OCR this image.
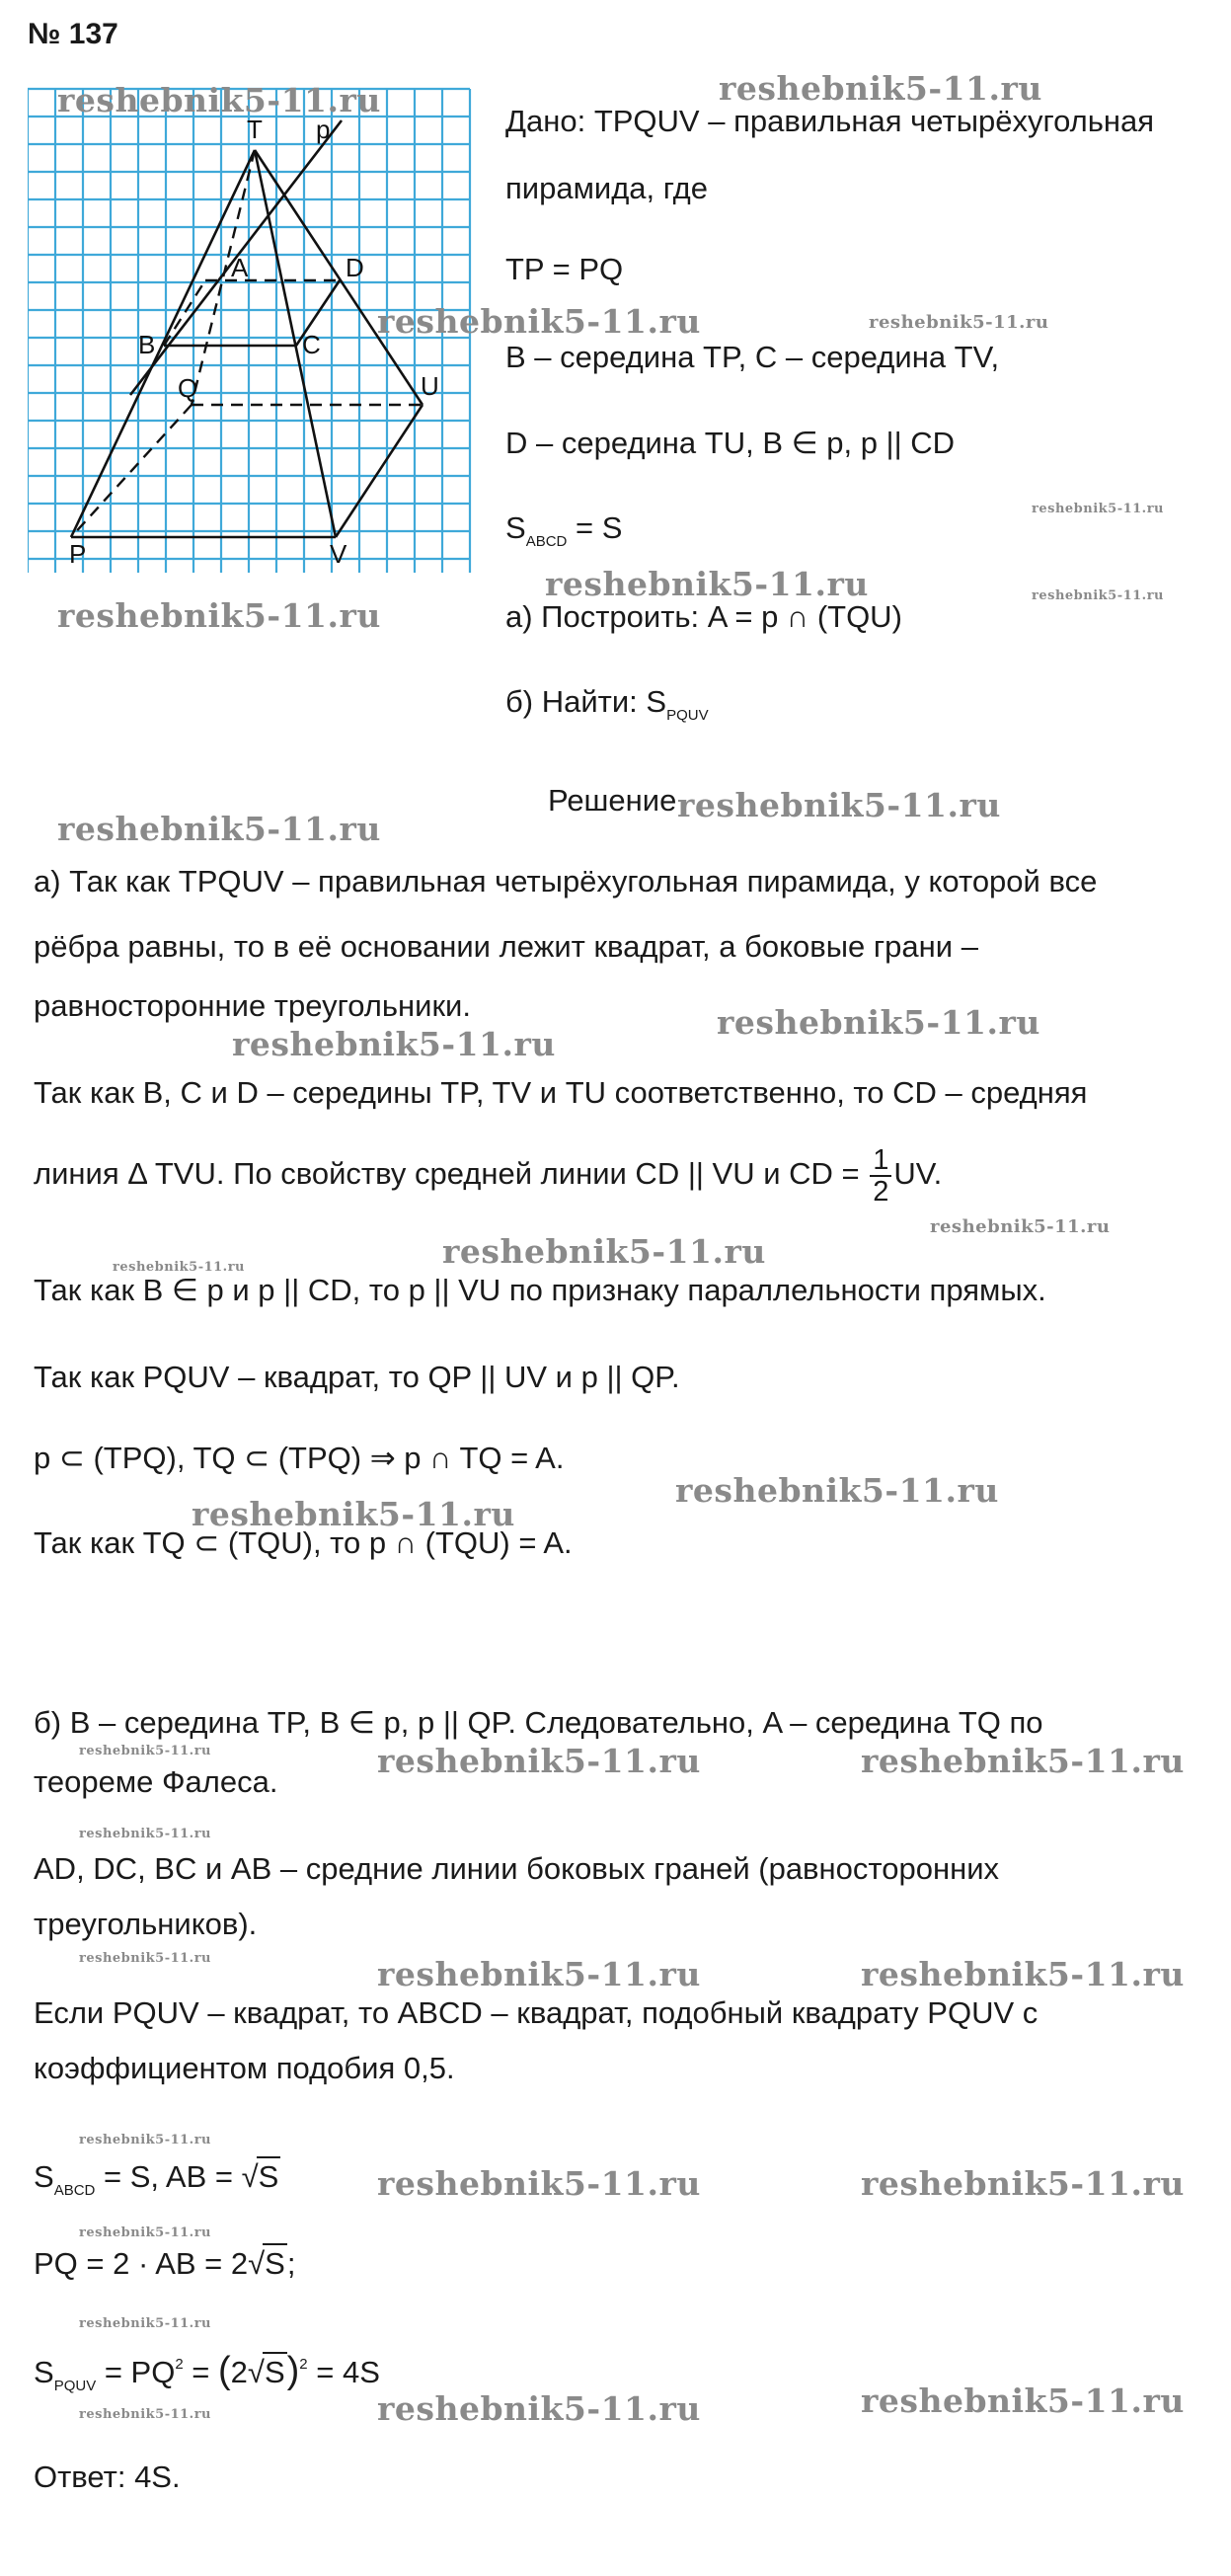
№ 137
T p
A	D
B	C
Q	U
P	V
Дано: TPQUV – правильная четырёхугольная
пирамида, где
TP = PQ
B – середина TP, C – середина TV,
D – середина TU, B ∈ p, p || CD
$S_{ABCD} = S$
а) Построить: A = p ∩ (TQU)
б) Найти: $S_{PQUV}$
Решение
а) Так как TPQUV – правильная четырёхугольная пирамида, у которой все
рёбра равны, то в её основании лежит квадрат, а боковые грани –
равносторонние треугольники.
Так как B, C и D – середины TP, TV и TU соответственно, то CD – средняя
линия Δ TVU. По свойству средней линии CD || VU и CD = $\frac{1}{2}$ UV.
Так как B ∈ p и p || CD, то p || VU по признаку параллельности прямых.
Так как PQUV – квадрат, то QP || UV и p || QP.
p ⊂ (TPQ), TQ ⊂ (TPQ) ⇒ p ∩ TQ = A.
Так как TQ ⊂ (TQU), то p ∩ (TQU) = A.
б) B – середина TP, B ∈ p, p || QP. Следовательно, A – середина TQ по
теореме Фалеса.
AD, DC, BC и AB – средние линии боковых граней (равносторонних
треугольников).
Если PQUV – квадрат, то ABCD – квадрат, подобный квадрату PQUV с
коэффициентом подобия 0,5.
$S_{ABCD} = S$, AB = √S
PQ = 2 · AB = 2√S;
$S_{PQUV} = PQ^2 = (2√S)^2 = 4S$
Ответ: 4S.
reshebnik5-11.ru	reshebnik5-11.ru
reshebnik5-11.ru	reshebnik5-11.ru
reshebnik5-11.ru
reshebnik5-11.ru	reshebnik5-11.ru
reshebnik5-11.ru
reshebnik5-11.ru
reshebnik5-11.ru
reshebnik5-11.ru
reshebnik5-11.ru
reshebnik5-11.ru
reshebnik5-11.ru
reshebnik5-11.ru
reshebnik5-11.ru
reshebnik5-11.ru
reshebnik5-11.ru	reshebnik5-11.ru	reshebnik5-11.ru
reshebnik5-11.ru
reshebnik5-11.ru	reshebnik5-11.ru	reshebnik5-11.ru
reshebnik5-11.ru
reshebnik5-11.ru	reshebnik5-11.ru
reshebnik5-11.ru
reshebnik5-11.ru
reshebnik5-11.ru	reshebnik5-11.ru	reshebnik5-11.ru
